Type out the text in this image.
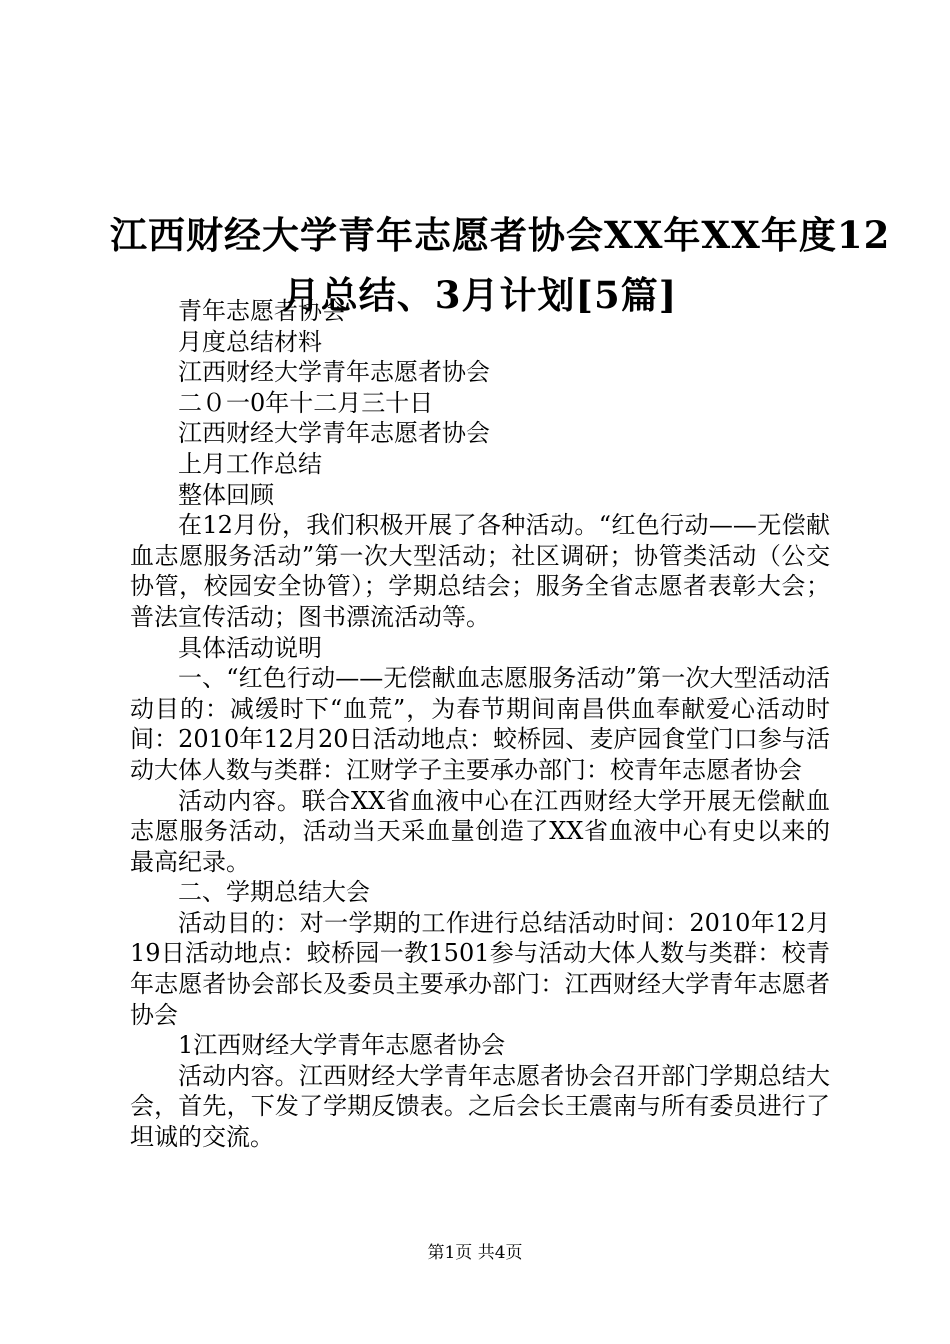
江西财经大学青年志愿者协会XX年XX年度12
月总结、3月计划[5篇]

青年志愿者协会

月度总结材料

江西财经大学青年志愿者协会

二０一0年十二月三十日

江西财经大学青年志愿者协会

上月工作总结

整体回顾

在12月份，我们积极开展了各种活动。“红色行动——无偿献血志愿服务活动”第一次大型活动；社区调研；协管类活动（公交协管，校园安全协管）；学期总结会；服务全省志愿者表彰大会；普法宣传活动；图书漂流活动等。

具体活动说明

一、“红色行动——无偿献血志愿服务活动”第一次大型活动活动目的：减缓时下“血荒”，为春节期间南昌供血奉献爱心活动时间：2010年12月20日活动地点：蛟桥园、麦庐园食堂门口参与活动大体人数与类群：江财学子主要承办部门：校青年志愿者协会

活动内容。联合XX省血液中心在江西财经大学开展无偿献血志愿服务活动，活动当天采血量创造了XX省血液中心有史以来的最高纪录。

二、学期总结大会

活动目的：对一学期的工作进行总结活动时间：2010年12月19日活动地点：蛟桥园一教1501参与活动大体人数与类群：校青年志愿者协会部长及委员主要承办部门：江西财经大学青年志愿者协会

1江西财经大学青年志愿者协会

活动内容。江西财经大学青年志愿者协会召开部门学期总结大会，首先，下发了学期反馈表。之后会长王震南与所有委员进行了坦诚的交流。

第1页 共4页
